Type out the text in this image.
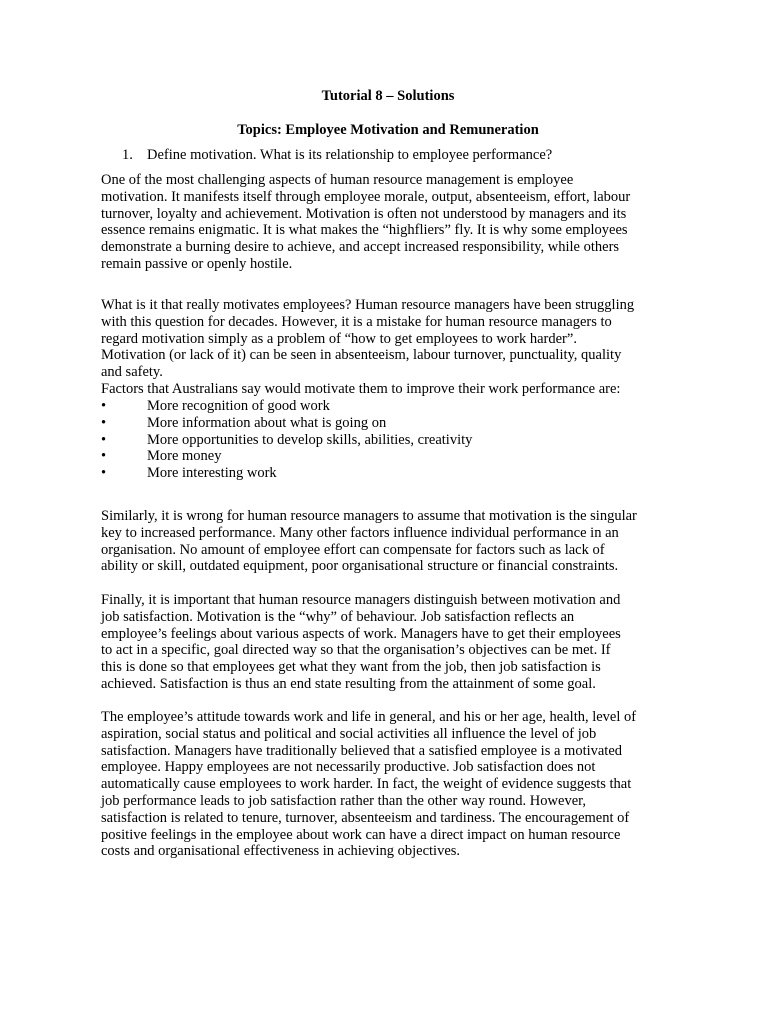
Tutorial 8 – Solutions
Topics: Employee Motivation and Remuneration
1. Define motivation. What is its relationship to employee performance?

One of the most challenging aspects of human resource management is employee
motivation. It manifests itself through employee morale, output, absenteeism, effort, labour
turnover, loyalty and achievement. Motivation is often not understood by managers and its
essence remains enigmatic. It is what makes the “highfliers” fly. It is why some employees
demonstrate a burning desire to achieve, and accept increased responsibility, while others
remain passive or openly hostile.

What is it that really motivates employees? Human resource managers have been struggling
with this question for decades. However, it is a mistake for human resource managers to
regard motivation simply as a problem of “how to get employees to work harder”.
Motivation (or lack of it) can be seen in absenteeism, labour turnover, punctuality, quality
and safety.
Factors that Australians say would motivate them to improve their work performance are:

•	More recognition of good work
•	More information about what is going on
•	More opportunities to develop skills, abilities, creativity
•	More money
•	More interesting work

Similarly, it is wrong for human resource managers to assume that motivation is the singular
key to increased performance. Many other factors influence individual performance in an
organisation. No amount of employee effort can compensate for factors such as lack of
ability or skill, outdated equipment, poor organisational structure or financial constraints.

Finally, it is important that human resource managers distinguish between motivation and
job satisfaction. Motivation is the “why” of behaviour. Job satisfaction reflects an
employee’s feelings about various aspects of work. Managers have to get their employees
to act in a specific, goal directed way so that the organisation’s objectives can be met. If
this is done so that employees get what they want from the job, then job satisfaction is
achieved. Satisfaction is thus an end state resulting from the attainment of some goal.

The employee’s attitude towards work and life in general, and his or her age, health, level of
aspiration, social status and political and social activities all influence the level of job
satisfaction. Managers have traditionally believed that a satisfied employee is a motivated
employee. Happy employees are not necessarily productive. Job satisfaction does not
automatically cause employees to work harder. In fact, the weight of evidence suggests that
job performance leads to job satisfaction rather than the other way round. However,
satisfaction is related to tenure, turnover, absenteeism and tardiness. The encouragement of
positive feelings in the employee about work can have a direct impact on human resource
costs and organisational effectiveness in achieving objectives.
